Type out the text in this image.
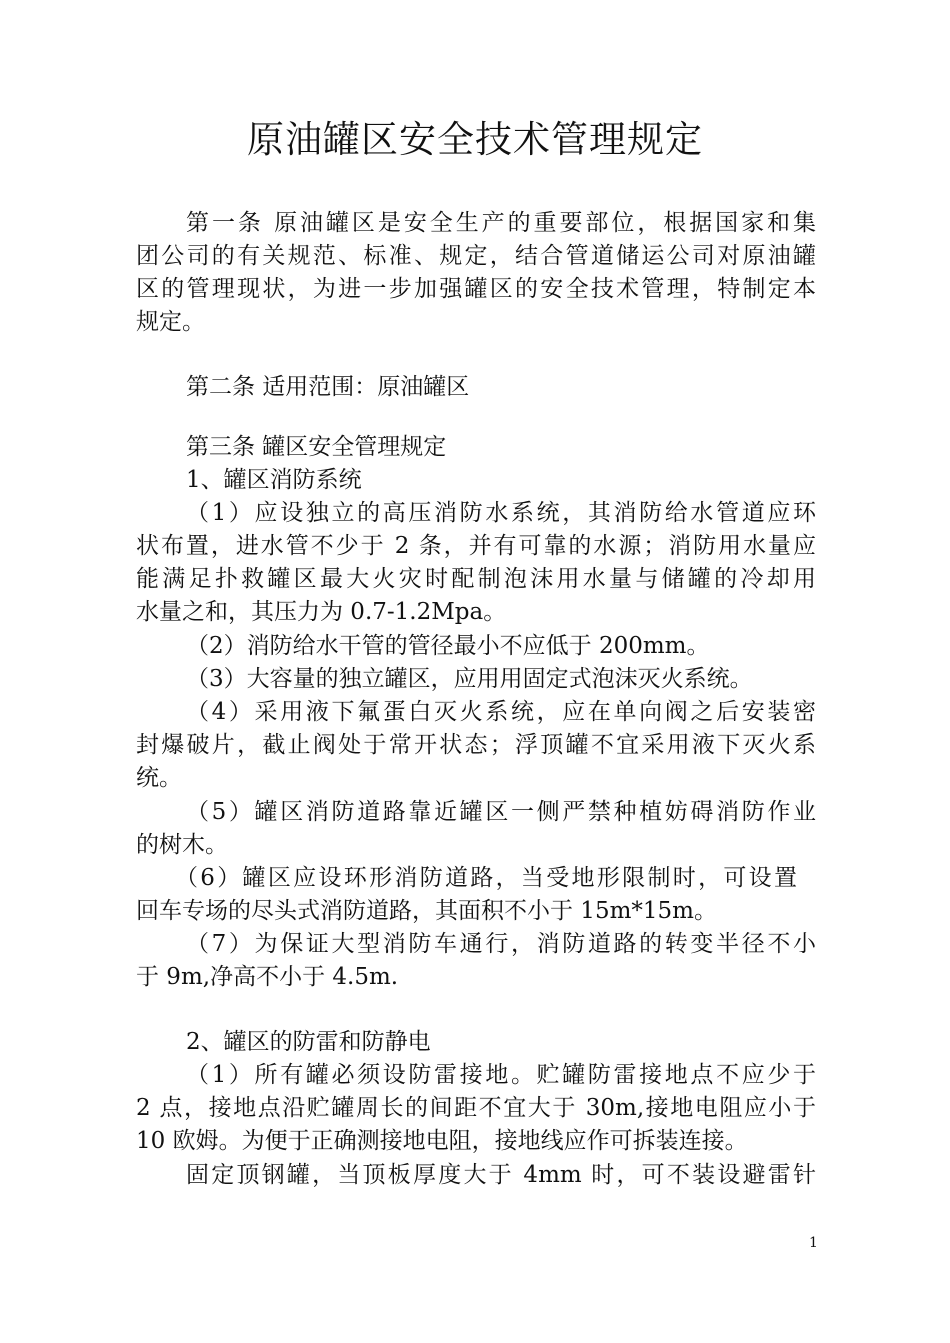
原油罐区安全技术管理规定
第一条 原油罐区是安全生产的重要部位，根据国家和集
团公司的有关规范、标准、规定，结合管道储运公司对原油罐
区的管理现状，为进一步加强罐区的安全技术管理，特制定本
规定。
第二条 适用范围：原油罐区
第三条 罐区安全管理规定
1、罐区消防系统
（1）应设独立的高压消防水系统，其消防给水管道应环
状布置，进水管不少于 2 条，并有可靠的水源；消防用水量应
能满足扑救罐区最大火灾时配制泡沫用水量与储罐的冷却用
水量之和，其压力为 0.7-1.2Mpa。
（2）消防给水干管的管径最小不应低于 200mm。
（3）大容量的独立罐区，应用用固定式泡沫灭火系统。
（4）采用液下氟蛋白灭火系统，应在单向阀之后安装密
封爆破片，截止阀处于常开状态；浮顶罐不宜采用液下灭火系
统。
（5）罐区消防道路靠近罐区一侧严禁种植妨碍消防作业
的树木。
（6）罐区应设环形消防道路，当受地形限制时，可设置
回车专场的尽头式消防道路，其面积不小于 15m*15m。
（7）为保证大型消防车通行，消防道路的转变半径不小
于 9m,净高不小于 4.5m.
2、罐区的防雷和防静电
（1）所有罐必须设防雷接地。贮罐防雷接地点不应少于
2 点，接地点沿贮罐周长的间距不宜大于 30m,接地电阻应小于
10 欧姆。为便于正确测接地电阻，接地线应作可拆装连接。
固定顶钢罐，当顶板厚度大于 4mm 时，可不装设避雷针
1
